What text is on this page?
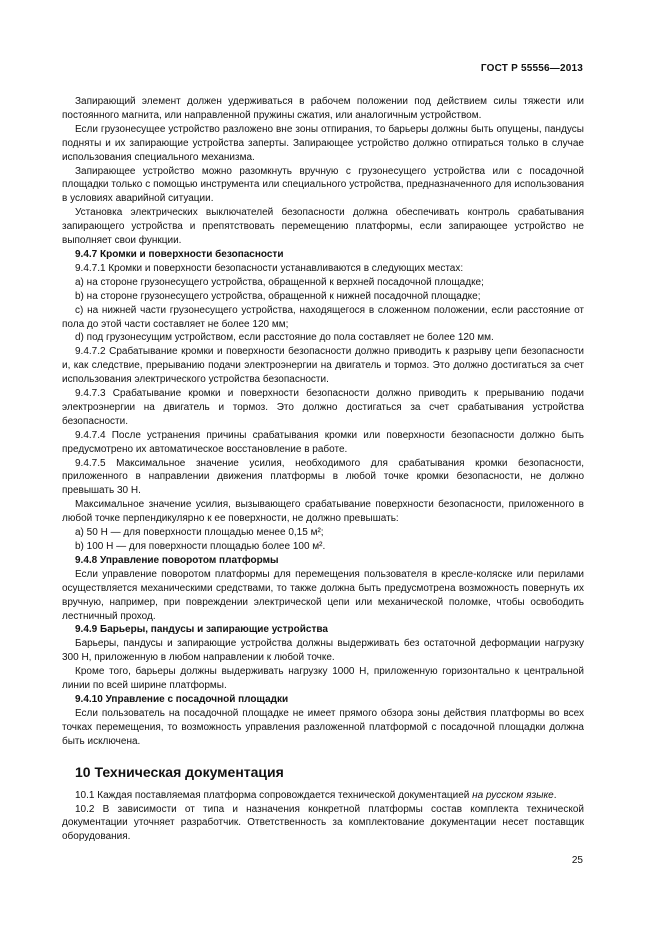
ГОСТ Р 55556—2013

Запирающий элемент должен удерживаться в рабочем положении под действием силы тяжести или постоянного магнита, или направленной пружины сжатия, или аналогичным устройством.

Если грузонесущее устройство разложено вне зоны отпирания, то барьеры должны быть опущены, пандусы подняты и их запирающие устройства заперты. Запирающее устройство должно отпираться только в случае использования специального механизма.

Запирающее устройство можно разомкнуть вручную с грузонесущего устройства или с посадочной площадки только с помощью инструмента или специального устройства, предназначенного для использования в условиях аварийной ситуации.

Установка электрических выключателей безопасности должна обеспечивать контроль срабатывания запирающего устройства и препятствовать перемещению платформы, если запирающее устройство не выполняет свои функции.

9.4.7 Кромки и поверхности безопасности

9.4.7.1 Кромки и поверхности безопасности устанавливаются в следующих местах:

a) на стороне грузонесущего устройства, обращенной к верхней посадочной площадке;

b) на стороне грузонесущего устройства, обращенной к нижней посадочной площадке;

c) на нижней части грузонесущего устройства, находящегося в сложенном положении, если расстояние от пола до этой части составляет не более 120 мм;

d) под грузонесущим устройством, если расстояние до пола составляет не более 120 мм.

9.4.7.2 Срабатывание кромки и поверхности безопасности должно приводить к разрыву цепи безопасности и, как следствие, прерыванию подачи электроэнергии на двигатель и тормоз. Это должно достигаться за счет использования электрического устройства безопасности.

9.4.7.3 Срабатывание кромки и поверхности безопасности должно приводить к прерыванию подачи электроэнергии на двигатель и тормоз. Это должно достигаться за счет срабатывания устройства безопасности.

9.4.7.4 После устранения причины срабатывания кромки или поверхности безопасности должно быть предусмотрено их автоматическое восстановление в работе.

9.4.7.5 Максимальное значение усилия, необходимого для срабатывания кромки безопасности, приложенного в направлении движения платформы в любой точке кромки безопасности, не должно превышать 30 Н.

Максимальное значение усилия, вызывающего срабатывание поверхности безопасности, приложенного в любой точке перпендикулярно к ее поверхности, не должно превышать:

a) 50 Н — для поверхности площадью менее 0,15 м²;

b) 100 Н — для поверхности площадью более 100 м².

9.4.8 Управление поворотом платформы

Если управление поворотом платформы для перемещения пользователя в кресле-коляске или перилами осуществляется механическими средствами, то также должна быть предусмотрена возможность повернуть их вручную, например, при повреждении электрической цепи или механической поломке, чтобы освободить лестничный проход.

9.4.9 Барьеры, пандусы и запирающие устройства

Барьеры, пандусы и запирающие устройства должны выдерживать без остаточной деформации нагрузку 300 Н, приложенную в любом направлении к любой точке.

Кроме того, барьеры должны выдерживать нагрузку 1000 Н, приложенную горизонтально к центральной линии по всей ширине платформы.

9.4.10 Управление с посадочной площадки

Если пользователь на посадочной площадке не имеет прямого обзора зоны действия платформы во всех точках перемещения, то возможность управления разложенной платформой с посадочной площадки должна быть исключена.

10 Техническая документация

10.1 Каждая поставляемая платформа сопровождается технической документацией на русском языке.

10.2 В зависимости от типа и назначения конкретной платформы состав комплекта технической документации уточняет разработчик. Ответственность за комплектование документации несет поставщик оборудования.

25
